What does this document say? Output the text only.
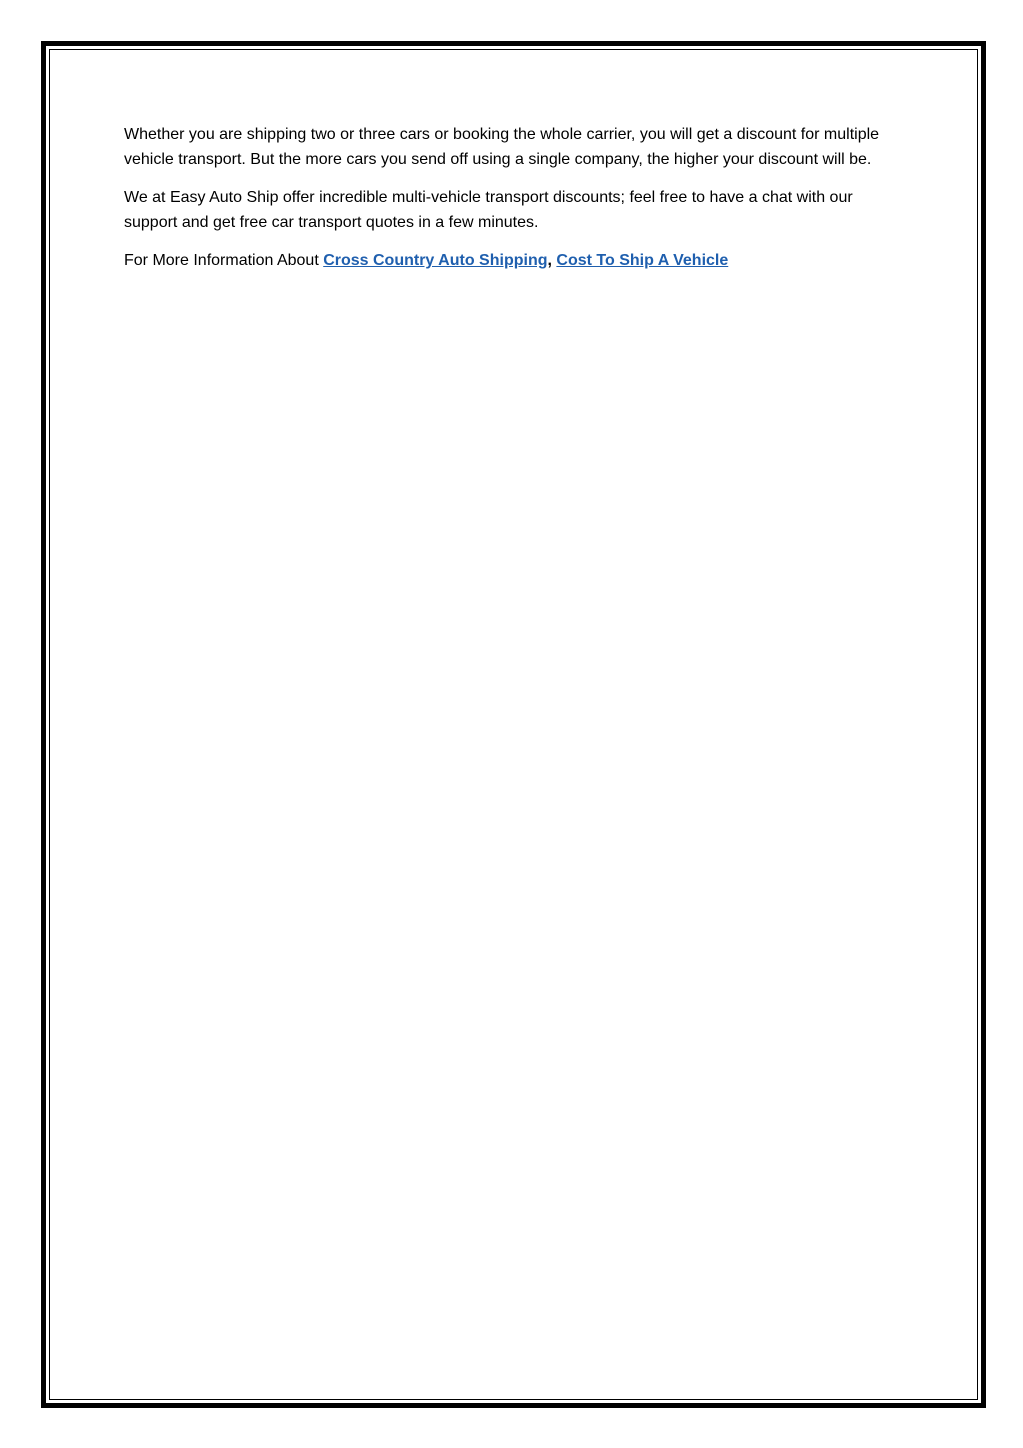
Whether you are shipping two or three cars or booking the whole carrier, you will get a discount for multiple vehicle transport. But the more cars you send off using a single company, the higher your discount will be.

We at Easy Auto Ship offer incredible multi-vehicle transport discounts; feel free to have a chat with our support and get free car transport quotes in a few minutes.

For More Information About Cross Country Auto Shipping, Cost To Ship A Vehicle
